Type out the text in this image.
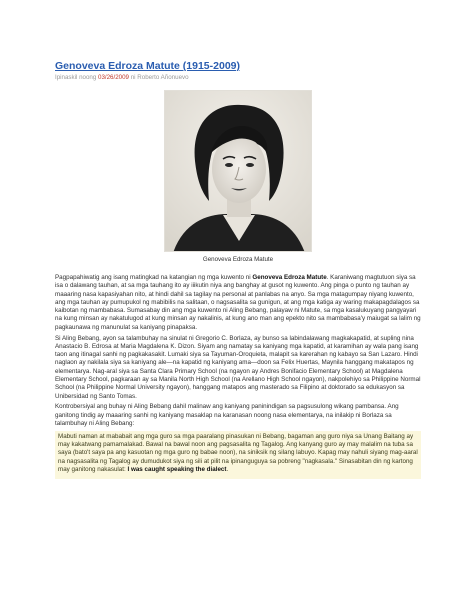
Genoveva Edroza Matute (1915-2009)
Ipinaskil noong 03/26/2009 ni Roberto Añonuevo
Genoveva Edroza Matute

Pagpapahiwatig ang isang matingkad na katangian ng mga kuwento ni Genoveva Edroza Matute. Karaniwang magtutuon siya sa isa o dalawang tauhan, at sa mga tauhang ito ay iiikutin niya ang banghay at gusot ng kuwento. Ang pinga o punto ng tauhan ay maaaring nasa kapasiyahan nito, at hindi dahil sa tagilay na personal at panlabas na anyo. Sa mga matagumpay niyang kuwento, ang mga tauhan ay pumupukol ng mabibilis na salitaan, o nagsasalita sa gunigun, at ang mga katiga ay waring makapagdalagos sa kaibotan ng mambabasa. Sumasabay din ang mga kuwento ni Aling Bebang, palayaw ni Matute, sa mga kasalukuyang pangyayari na kung minsan ay nakatulugod at kung minsan ay nakalinis, at kung ano man ang epekto nito sa mambabasa'y maiugat sa lalim ng pagkaunawa ng manunulat sa kaniyang pinapaksa.

Si Aling Bebang, ayon sa talambuhay na sinulat ni Gregorio C. Borlaza, ay bunso sa labindalawang magkakapatid, at supling nina Anastacio B. Edrosa at Maria Magdalena K. Dizon. Siyam ang namatay sa kaniyang mga kapatid, at karamihan ay wala pang isang taon ang itinagal sanhi ng pagkakasakit. Lumaki siya sa Tayuman-Oroquieta, malapit sa karerahan ng kabayo sa San Lazaro. Hindi naglaon ay nakilala siya sa kaniyang ale—na kapatid ng kaniyang ama—doon sa Felix Huertas, Maynila hanggang makatapos ng elementarya. Nag-aral siya sa Santa Clara Primary School (na ngayon ay Andres Bonifacio Elementary School) at Magdalena Elementary School, pagkaraan ay sa Manila North High School (na Arellano High School ngayon), nakpolehiyo sa Philippine Normal School (na Philippine Normal University ngayon), hanggang matapos ang masterado sa Filipino at doktorado sa edukasyon sa Unibersidad ng Santo Tomas.

Kontrobersiyal ang buhay ni Aling Bebang dahil malinaw ang kaniyang paninindigan sa pagsusulong wikang pambansa. Ang ganitong tindig ay maaaring sanhi ng kaniyang masaklap na karanasan noong nasa elementarya, na inilakip ni Borlaza sa talambuhay ni Aling Bebang:

Mabuti naman at mababait ang mga guro sa mga paaralang pinasukan ni Bebang, bagaman ang guro niya sa Unang Baitang ay may kakatwang pamamalakad. Bawal na bawal noon ang pagsasalita ng Tagalog. Ang kanyang guro ay may malalim na tuba sa saya (bato't saya pa ang kasuotan ng mga guro ng babae noon), na siniksik ng silang labuyo. Kapag may nahuli siyang mag-aaral na nagsasalita ng Tagalog ay dumudukot siya ng sili at pilit na ipinanguguya sa pobreng "nagkasala." Sinasabitan din ng kartong may ganitong nakasulat: I was caught speaking the dialect.
